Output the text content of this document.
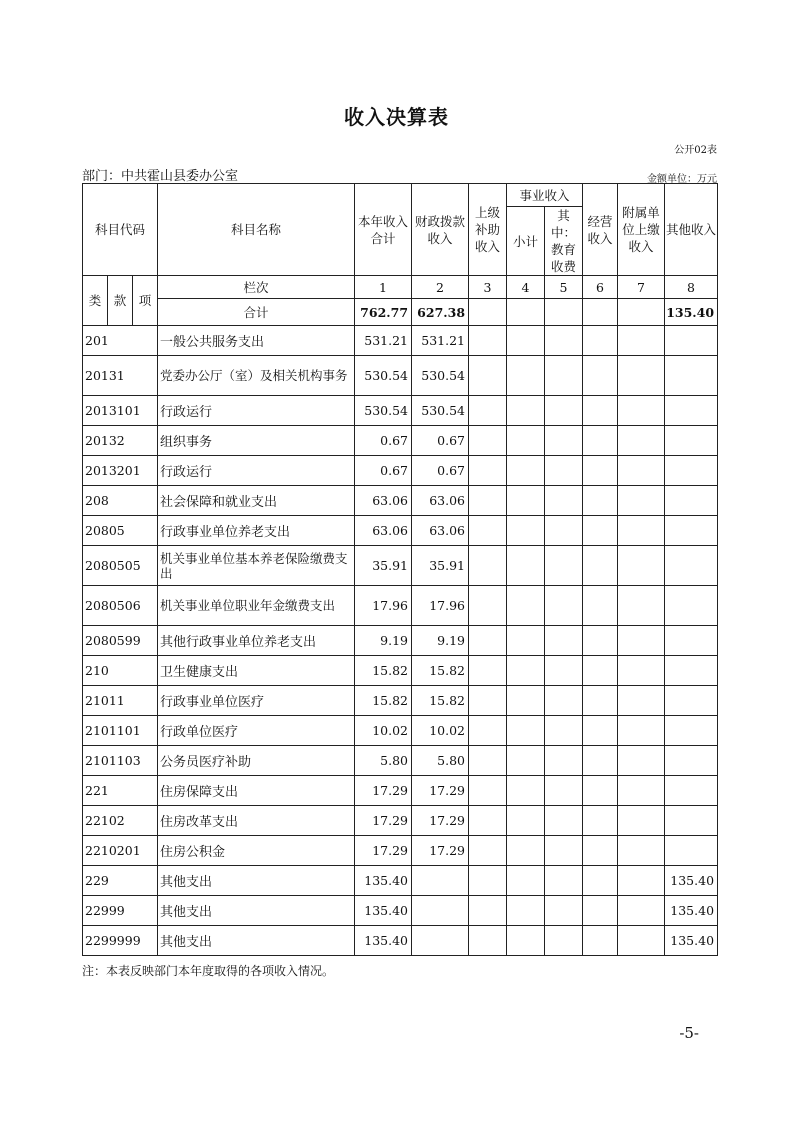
收入决算表
公开02表
部门：中共霍山县委办公室	金额单位：万元
科目代码			科目名称	本年收入合计	财政拨款收入	上级补助收入	事业收入		经营收入	附属单位上缴收入	其他收入
							小计	其中：教育收费			

类	款	项	栏次	1	2	3	4	5	6	7	8
			合计	762.77	627.38						135.40
201			一般公共服务支出	531.21	531.21						
20131			党委办公厅（室）及相关机构事务	530.54	530.54						
2013101			行政运行	530.54	530.54						
20132			组织事务	0.67	0.67						
2013201			行政运行	0.67	0.67						
208			社会保障和就业支出	63.06	63.06						
20805			行政事业单位养老支出	63.06	63.06						
2080505			机关事业单位基本养老保险缴费支出	35.91	35.91						
2080506			机关事业单位职业年金缴费支出	17.96	17.96						
2080599			其他行政事业单位养老支出	9.19	9.19						
210			卫生健康支出	15.82	15.82						
21011			行政事业单位医疗	15.82	15.82						
2101101			行政单位医疗	10.02	10.02						
2101103			公务员医疗补助	5.80	5.80						
221			住房保障支出	17.29	17.29						
22102			住房改革支出	17.29	17.29						
2210201			住房公积金	17.29	17.29						
229			其他支出	135.40							135.40
22999			其他支出	135.40							135.40
2299999			其他支出	135.40							135.40
注：本表反映部门本年度取得的各项收入情况。
-5-
